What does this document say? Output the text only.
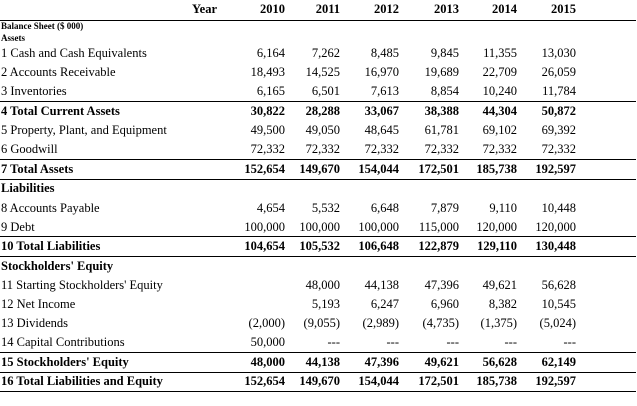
Year	2010	2011	2012	2013	2014	2015	
Balance Sheet ($ 000)							
Assets							
1 Cash and Cash Equivalents	6,164	7,262	8,485	9,845	11,355	13,030	
2 Accounts Receivable	18,493	14,525	16,970	19,689	22,709	26,059	
3 Inventories	6,165	6,501	7,613	8,854	10,240	11,784	
4 Total Current Assets	30,822	28,288	33,067	38,388	44,304	50,872	
5 Property, Plant, and Equipment	49,500	49,050	48,645	61,781	69,102	69,392	
6 Goodwill	72,332	72,332	72,332	72,332	72,332	72,332	
7 Total Assets	152,654	149,670	154,044	172,501	185,738	192,597	
Liabilities							
8 Accounts Payable	4,654	5,532	6,648	7,879	9,110	10,448	
9 Debt	100,000	100,000	100,000	115,000	120,000	120,000	
10 Total Liabilities	104,654	105,532	106,648	122,879	129,110	130,448	
Stockholders' Equity							
11 Starting Stockholders' Equity		48,000	44,138	47,396	49,621	56,628	
12 Net Income		5,193	6,247	6,960	8,382	10,545	
13 Dividends	(2,000)	(9,055)	(2,989)	(4,735)	(1,375)	(5,024)	
14 Capital Contributions	50,000	---	---	---	---	---	
15 Stockholders' Equity	48,000	44,138	47,396	49,621	56,628	62,149	
16 Total Liabilities and Equity	152,654	149,670	154,044	172,501	185,738	192,597	
